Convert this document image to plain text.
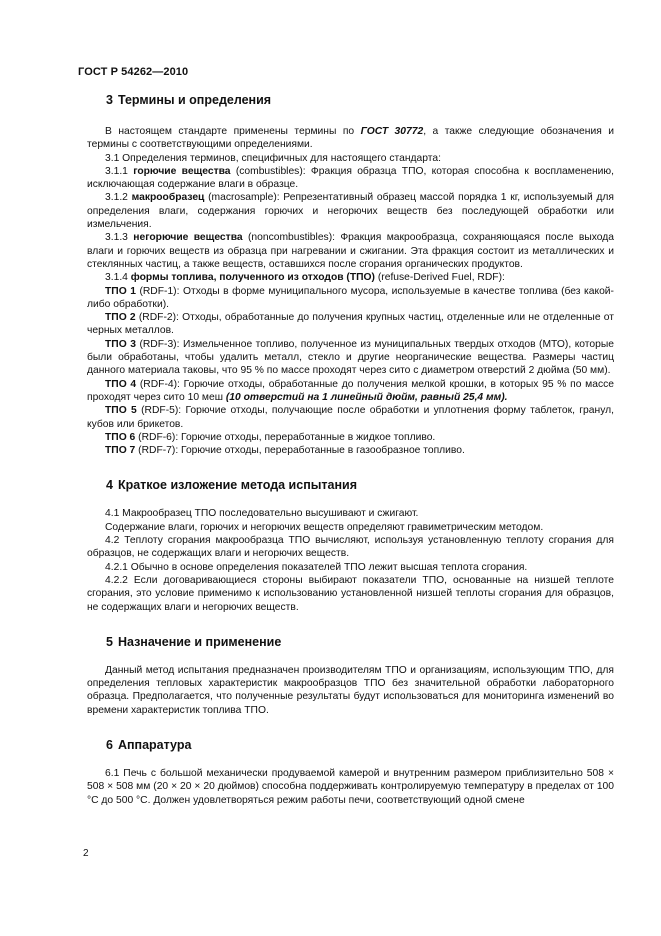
ГОСТ Р 54262—2010
3 Термины и определения

В настоящем стандарте применены термины по ГОСТ 30772, а также следующие обозначения и термины с соответствующими определениями.

3.1 Определения терминов, специфичных для настоящего стандарта:

3.1.1 горючие вещества (combustibles): Фракция образца ТПО, которая способна к воспламенению, исключающая содержание влаги в образце.

3.1.2 макрообразец (macrosample): Репрезентативный образец массой порядка 1 кг, используемый для определения влаги, содержания горючих и негорючих веществ без последующей обработки или измельчения.

3.1.3 негорючие вещества (noncombustibles): Фракция макрообразца, сохраняющаяся после выхода влаги и горючих веществ из образца при нагревании и сжигании. Эта фракция состоит из металлических и стеклянных частиц, а также веществ, оставшихся после сгорания органических продуктов.

3.1.4 формы топлива, полученного из отходов (ТПО) (refuse-Derived Fuel, RDF):

ТПО 1 (RDF-1): Отходы в форме муниципального мусора, используемые в качестве топлива (без какой-либо обработки).

ТПО 2 (RDF-2): Отходы, обработанные до получения крупных частиц, отделенные или не отделенные от черных металлов.

ТПО 3 (RDF-3): Измельченное топливо, полученное из муниципальных твердых отходов (МТО), которые были обработаны, чтобы удалить металл, стекло и другие неорганические вещества. Размеры частиц данного материала таковы, что 95 % по массе проходят через сито с диаметром отверстий 2 дюйма (50 мм).

ТПО 4 (RDF-4): Горючие отходы, обработанные до получения мелкой крошки, в которых 95 % по массе проходят через сито 10 меш (10 отверстий на 1 линейный дюйм, равный 25,4 мм).

ТПО 5 (RDF-5): Горючие отходы, получающие после обработки и уплотнения форму таблеток, гранул, кубов или брикетов.

ТПО 6 (RDF-6): Горючие отходы, переработанные в жидкое топливо.

ТПО 7 (RDF-7): Горючие отходы, переработанные в газообразное топливо.

4 Краткое изложение метода испытания

4.1 Макрообразец ТПО последовательно высушивают и сжигают.

Содержание влаги, горючих и негорючих веществ определяют гравиметрическим методом.

4.2 Теплоту сгорания макрообразца ТПО вычисляют, используя установленную теплоту сгорания для образцов, не содержащих влаги и негорючих веществ.

4.2.1 Обычно в основе определения показателей ТПО лежит высшая теплота сгорания.

4.2.2 Если договаривающиеся стороны выбирают показатели ТПО, основанные на низшей теплоте сгорания, это условие применимо к использованию установленной низшей теплоты сгорания для образцов, не содержащих влаги и негорючих веществ.

5 Назначение и применение

Данный метод испытания предназначен производителям ТПО и организациям, использующим ТПО, для определения тепловых характеристик макрообразцов ТПО без значительной обработки лабораторного образца. Предполагается, что полученные результаты будут использоваться для мониторинга изменений во времени характеристик топлива ТПО.

6 Аппаратура

6.1 Печь с большой механически продуваемой камерой и внутренним размером приблизительно 508 × 508 × 508 мм (20 × 20 × 20 дюймов) способна поддерживать контролируемую температуру в пределах от 100 °С до 500 °С. Должен удовлетворяться режим работы печи, соответствующий одной смене

2
